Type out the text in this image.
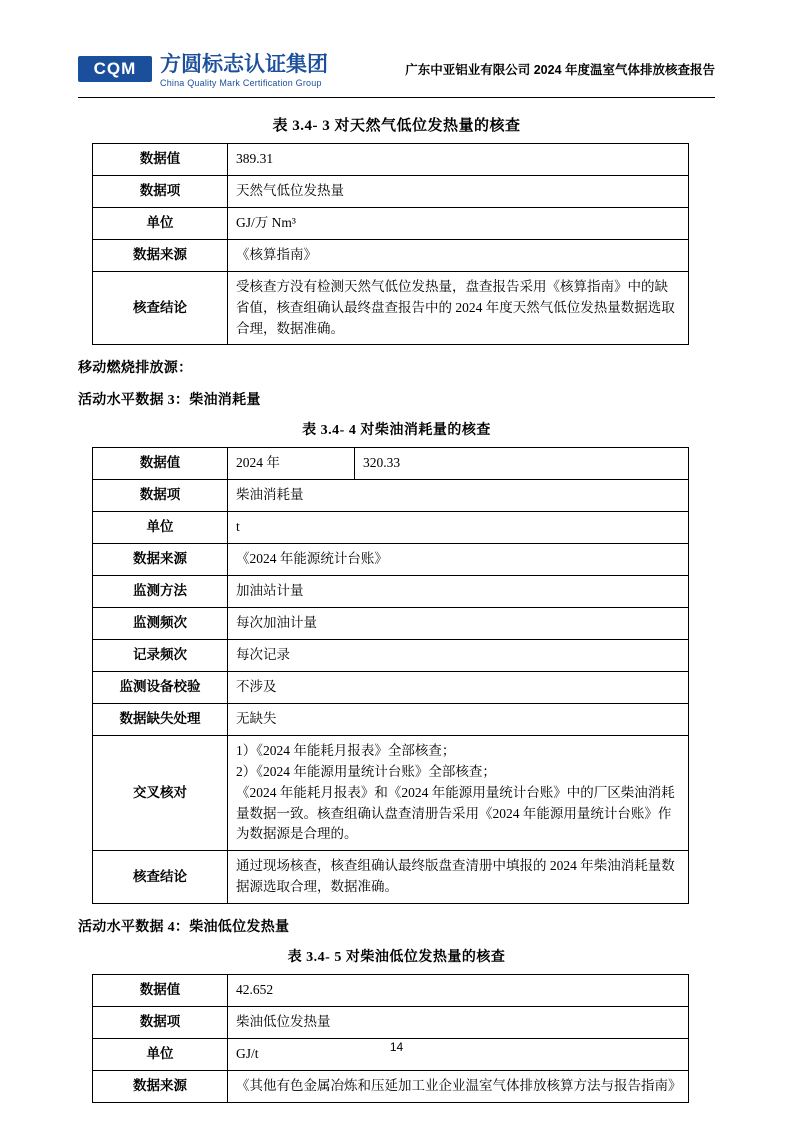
CQM	方圆标志认证集团
China Quality Mark Certification Group
广东中亚铝业有限公司 2024 年度温室气体排放核查报告
表 3.4- 3 对天然气低位发热量的核查
数据值	389.31
数据项	天然气低位发热量
单位	GJ/万 Nm³
数据来源	《核算指南》
核查结论	受核查方没有检测天然气低位发热量，盘查报告采用《核算指南》中的缺省值，核查组确认最终盘查报告中的 2024 年度天然气低位发热量数据选取合理，数据准确。
移动燃烧排放源：
活动水平数据 3：柴油消耗量
表 3.4- 4 对柴油消耗量的核查
数据值	2024 年	320.33
数据项	柴油消耗量	
单位	t	
数据来源	《2024 年能源统计台账》	
监测方法	加油站计量	
监测频次	每次加油计量	
记录频次	每次记录	
监测设备校验	不涉及	
数据缺失处理	无缺失	
交叉核对	1）《2024 年能耗月报表》全部核查；

2）《2024 年能源用量统计台账》全部核查；

《2024 年能耗月报表》和《2024 年能源用量统计台账》中的厂区柴油消耗量数据一致。核查组确认盘查清册告采用《2024 年能源用量统计台账》作为数据源是合理的。	

核查结论	通过现场核查，核查组确认最终版盘查清册中填报的 2024 年柴油消耗量数据源选取合理，数据准确。	
活动水平数据 4：柴油低位发热量
表 3.4- 5 对柴油低位发热量的核查
数据值	42.652
数据项	柴油低位发热量
单位	GJ/t
数据来源	《其他有色金属冶炼和压延加工业企业温室气体排放核算方法与报告指南》
14
